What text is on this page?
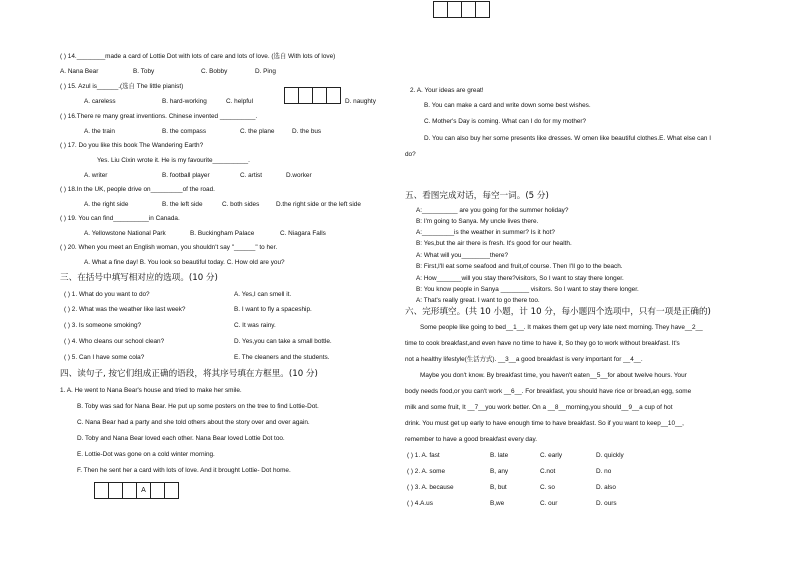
( ) 14.________made a card of Lottie Dot with lots of care and lots of love. (选自 With lots of love)
A. Nana Bear	B. Toby	C. Bobby	D. Ping
( ) 15. Azul is______.(选自 The little pianist)
A. careless	B. hard-working	C. helpful	D. naughty
( ) 16.There re many great inventions. Chinese invented __________.
A. the train	B. the compass	C. the plane	D. the bus
( ) 17. Do you like this book The Wandering Earth?
Yes. Liu Cixin wrote it. He is my favourite__________.
A. writer	B. football player	C. artist	D.worker
( ) 18.In the UK, people drive on_________of the road.
A. the right side	B. the left side	C. both sides	D.the right side or the left side
( ) 19. You can find__________in Canada.
A. Yellowstone National Park	B. Buckingham Palace	C. Niagara Falls
( ) 20. When you meet an English woman, you shouldn't say "______" to her.
A. What a fine day! B. You look so beautiful today. C. How old are you?
三、在括号中填写相对应的选项。(10 分)
( ) 1. What do you want to do?	A. Yes,I can smell it.
( ) 2. What was the weather like last week?	B. I want to fly a spaceship.
( ) 3. Is someone smoking?	C. It was rainy.
( ) 4. Who cleans our school clean?	D. Yes,you can take a small bottle.
( ) 5. Can I have some cola?	E. The cleaners and the students.
四、读句子, 按它们组成正确的语段，将其序号填在方框里。(10 分)
1. A. He went to Nana Bear's house and tried to make her smile.
B. Toby was sad for Nana Bear. He put up some posters on the tree to find Lottie-Dot.
C. Nana Bear had a party and she told others about the story over and over again.
D. Toby and Nana Bear loved each other. Nana Bear loved Lottie Dot too.
E. Lottie-Dot was gone on a cold winter morning.
F. Then he sent her a card with lots of love. And it brought Lottie- Dot home.
A
2. A. Your ideas are great!
B. You can make a card and write down some best wishes.
C. Mother's Day is coming. What can I do for my mother?
D. You can also buy her some presents like dresses. W omen like beautiful clothes.E. What else can I
do?
五、看图完成对话，每空一词。(5 分)
A:__________ are you going for the summer holiday?
B: I'm going to Sanya. My uncle lives there.
A:_________is the weather in summer? Is it hot?
B: Yes,but the air there is fresh. It's good for our health.
A: What will you________there?
B: First,I'll eat some seafood and fruit,of course. Then I'll go to the beach.
A: How_______will you stay there?visitors, So I want to stay there longer.
B: You know people in Sanya ________ visitors. So I want to stay there longer.
A: That's really great. I want to go there too.
六、完形填空。(共 10 小题，计 10 分，每小题四个选项中，只有一项是正确的)
Some people like going to bed__1__. It makes them get up very late next morning. They have__2__
time to cook breakfast,and even have no time to have it, So they go to work without breakfast. It's
not a healthy lifestyle(生活方式). __3__a good breakfast is very important for __4__.
Maybe you don't know. By breakfast time, you haven't eaten__5__for about twelve hours. Your
body needs food,or you can't work __6__. For breakfast, you should have rice or bread,an egg, some
milk and some fruit, It __7__you work better. On a __8__morning,you should__9__a cup of hot
drink. You must get up early to have enough time to have breakfast. So if you want to keep__10__,
remember to have a good breakfast every day.
( ) 1. A. fast	B. late	C. early	D. quickly
( ) 2. A. some	B, any	C.not	D. no
( ) 3. A. because	B, but	C. so	D. also
( ) 4.A.us	B,we	C. our	D. ours
